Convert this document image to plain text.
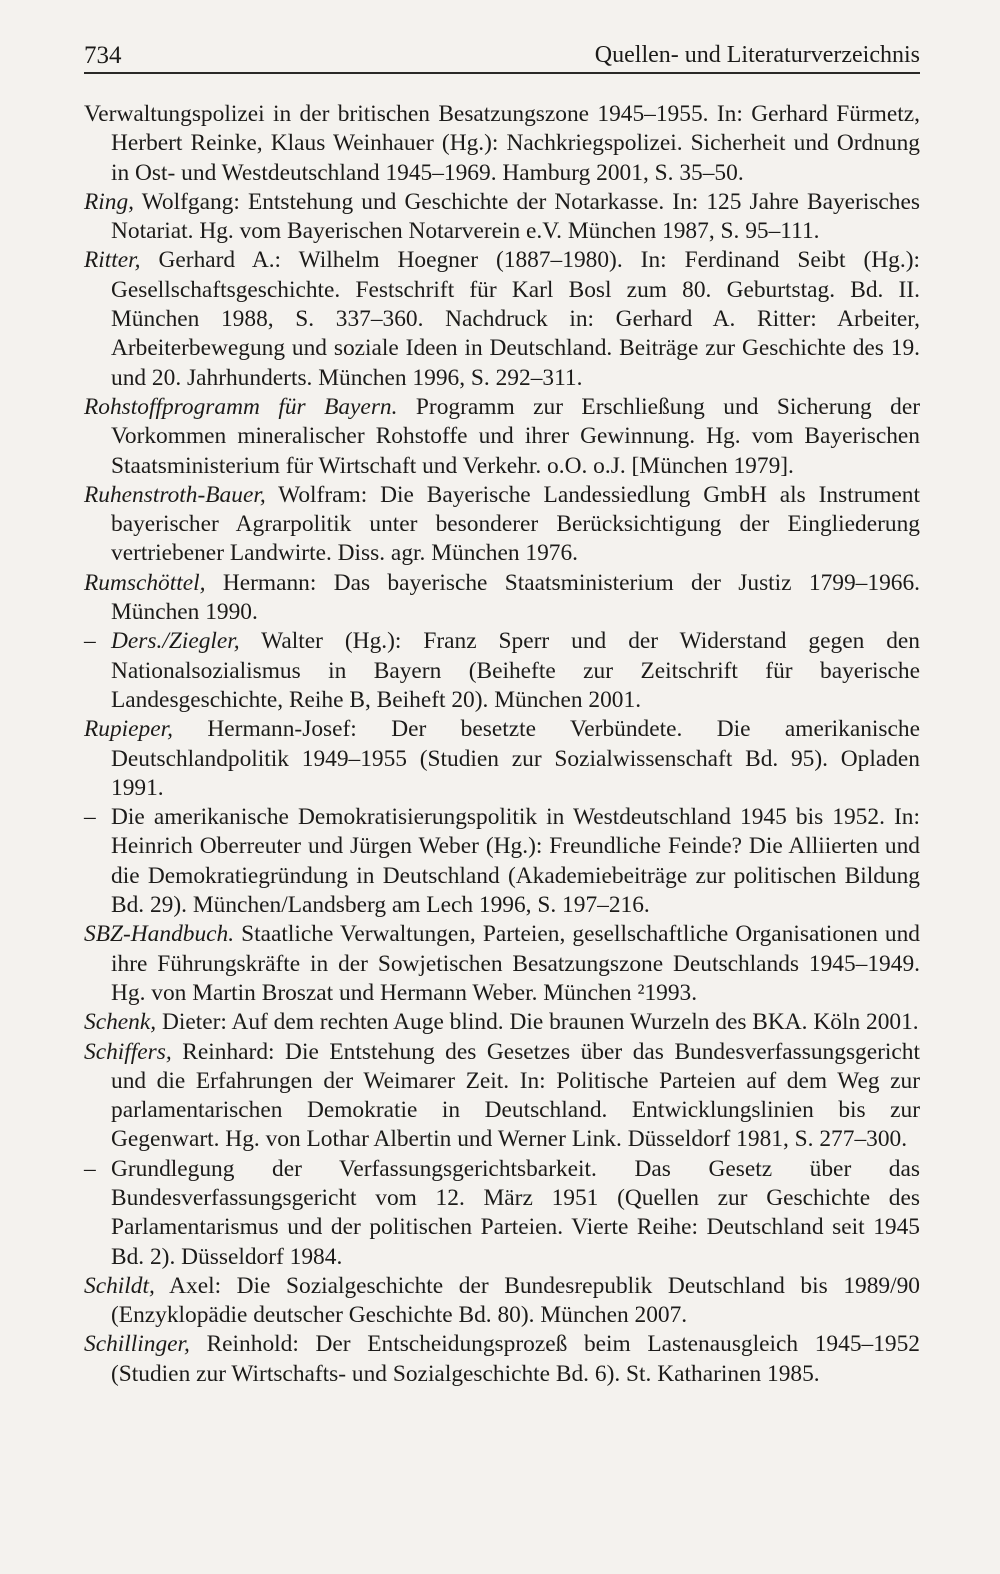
734	Quellen- und Literaturverzeichnis

Verwaltungspolizei in der britischen Besatzungszone 1945–1955. In: Gerhard Fürmetz, Herbert Reinke, Klaus Weinhauer (Hg.): Nachkriegspolizei. Sicherheit und Ordnung in Ost- und Westdeutschland 1945–1969. Hamburg 2001, S. 35–50.

Ring, Wolfgang: Entstehung und Geschichte der Notarkasse. In: 125 Jahre Bayerisches Notariat. Hg. vom Bayerischen Notarverein e.V. München 1987, S. 95–111.

Ritter, Gerhard A.: Wilhelm Hoegner (1887–1980). In: Ferdinand Seibt (Hg.): Gesellschaftsgeschichte. Festschrift für Karl Bosl zum 80. Geburtstag. Bd. II. München 1988, S. 337–360. Nachdruck in: Gerhard A. Ritter: Arbeiter, Arbeiterbewegung und soziale Ideen in Deutschland. Beiträge zur Geschichte des 19. und 20. Jahrhunderts. München 1996, S. 292–311.

Rohstoffprogramm für Bayern. Programm zur Erschließung und Sicherung der Vorkommen mineralischer Rohstoffe und ihrer Gewinnung. Hg. vom Bayerischen Staatsministerium für Wirtschaft und Verkehr. o.O. o.J. [München 1979].

Ruhenstroth-Bauer, Wolfram: Die Bayerische Landessiedlung GmbH als Instrument bayerischer Agrarpolitik unter besonderer Berücksichtigung der Eingliederung vertriebener Landwirte. Diss. agr. München 1976.

Rumschöttel, Hermann: Das bayerische Staatsministerium der Justiz 1799–1966. München 1990.

– Ders./Ziegler, Walter (Hg.): Franz Sperr und der Widerstand gegen den Nationalsozialismus in Bayern (Beihefte zur Zeitschrift für bayerische Landesgeschichte, Reihe B, Beiheft 20). München 2001.

Rupieper, Hermann-Josef: Der besetzte Verbündete. Die amerikanische Deutschlandpolitik 1949–1955 (Studien zur Sozialwissenschaft Bd. 95). Opladen 1991.

– Die amerikanische Demokratisierungspolitik in Westdeutschland 1945 bis 1952. In: Heinrich Oberreuter und Jürgen Weber (Hg.): Freundliche Feinde? Die Alliierten und die Demokratiegründung in Deutschland (Akademiebeiträge zur politischen Bildung Bd. 29). München/Landsberg am Lech 1996, S. 197–216.

SBZ-Handbuch. Staatliche Verwaltungen, Parteien, gesellschaftliche Organisationen und ihre Führungskräfte in der Sowjetischen Besatzungszone Deutschlands 1945–1949. Hg. von Martin Broszat und Hermann Weber. München ²1993.

Schenk, Dieter: Auf dem rechten Auge blind. Die braunen Wurzeln des BKA. Köln 2001.

Schiffers, Reinhard: Die Entstehung des Gesetzes über das Bundesverfassungsgericht und die Erfahrungen der Weimarer Zeit. In: Politische Parteien auf dem Weg zur parlamentarischen Demokratie in Deutschland. Entwicklungslinien bis zur Gegenwart. Hg. von Lothar Albertin und Werner Link. Düsseldorf 1981, S. 277–300.

– Grundlegung der Verfassungsgerichtsbarkeit. Das Gesetz über das Bundesverfassungsgericht vom 12. März 1951 (Quellen zur Geschichte des Parlamentarismus und der politischen Parteien. Vierte Reihe: Deutschland seit 1945 Bd. 2). Düsseldorf 1984.

Schildt, Axel: Die Sozialgeschichte der Bundesrepublik Deutschland bis 1989/90 (Enzyklopädie deutscher Geschichte Bd. 80). München 2007.

Schillinger, Reinhold: Der Entscheidungsprozeß beim Lastenausgleich 1945–1952 (Studien zur Wirtschafts- und Sozialgeschichte Bd. 6). St. Katharinen 1985.
